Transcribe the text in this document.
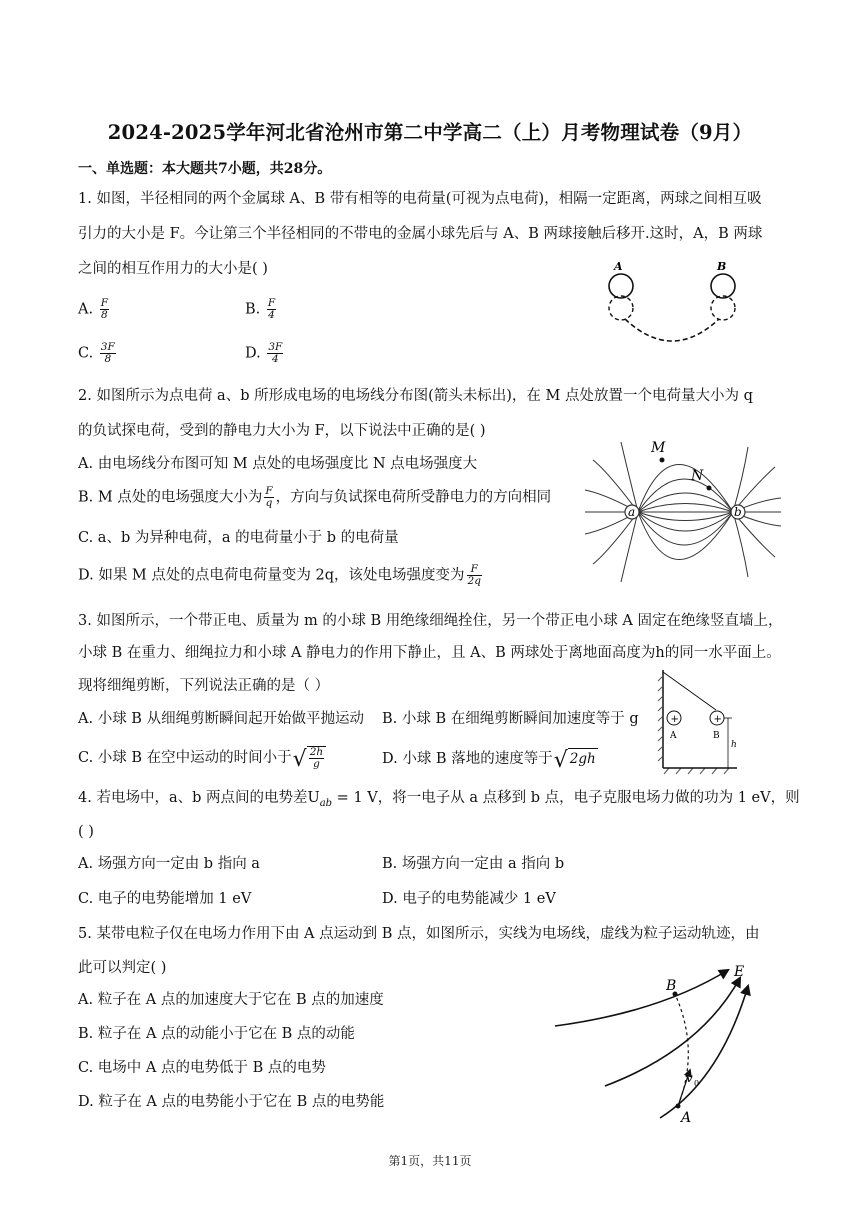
2024-2025学年河北省沧州市第二中学高二（上）月考物理试卷（9月）
一、单选题：本大题共7小题，共28分。
1. 如图，半径相同的两个金属球 A、B 带有相等的电荷量(可视为点电荷)，相隔一定距离，两球之间相互吸
引力的大小是 F。今让第三个半径相同的不带电的金属小球先后与 A、B 两球接触后移开.这时，A，B 两球
之间的相互作用力的大小是( )
A. $\frac{F}{8}$	B. $\frac{F}{4}$
C. $\frac{3F}{8}$	D. $\frac{3F}{4}$
A	B
2. 如图所示为点电荷 a、b 所形成电场的电场线分布图(箭头未标出)，在 M 点处放置一个电荷量大小为 q
的负试探电荷，受到的静电力大小为 F，以下说法中正确的是( )
A. 由电场线分布图可知 M 点处的电场强度比 N 点电场强度大
B. M 点处的电场强度大小为 $\frac{F}{q}$ ，方向与负试探电荷所受静电力的方向相同
C. a、b 为异种电荷，a 的电荷量小于 b 的电荷量
D. 如果 M 点处的点电荷电荷量变为 2q，该处电场强度变为 $\frac{F}{2q}$
a	b
M
N
3. 如图所示，一个带正电、质量为 m 的小球 B 用绝缘细绳拴住，另一个带正电小球 A 固定在绝缘竖直墙上，
小球 B 在重力、细绳拉力和小球 A 静电力的作用下静止，且 A、B 两球处于离地面高度为h的同一水平面上。
现将细绳剪断，下列说法正确的是（ ）
A. 小球 B 从细绳剪断瞬间起开始做平抛运动 B. 小球 B 在细绳剪断瞬间加速度等于 g
C. 小球 B 在空中运动的时间小于√ $\frac{2h}{g}$	D. 小球 B 落地的速度等于√ 2gh
+	+
A	B
h
4. 若电场中，a、b 两点间的电势差$U_{ab} = 1$ V，将一电子从 a 点移到 b 点，电子克服电场力做的功为 1 eV，则
( )
A. 场强方向一定由 b 指向 a	B. 场强方向一定由 a 指向 b
C. 电子的电势能增加 1 eV	D. 电子的电势能减少 1 eV
5. 某带电粒子仅在电场力作用下由 A 点运动到 B 点，如图所示，实线为电场线，虚线为粒子运动轨迹，由
此可以判定( )
A. 粒子在 A 点的加速度大于它在 B 点的加速度
B. 粒子在 A 点的动能小于它在 B 点的动能
C. 电场中 A 点的电势低于 B 点的电势
D. 粒子在 A 点的电势能小于它在 B 点的电势能
B
E
A
v 0
第1页，共11页
